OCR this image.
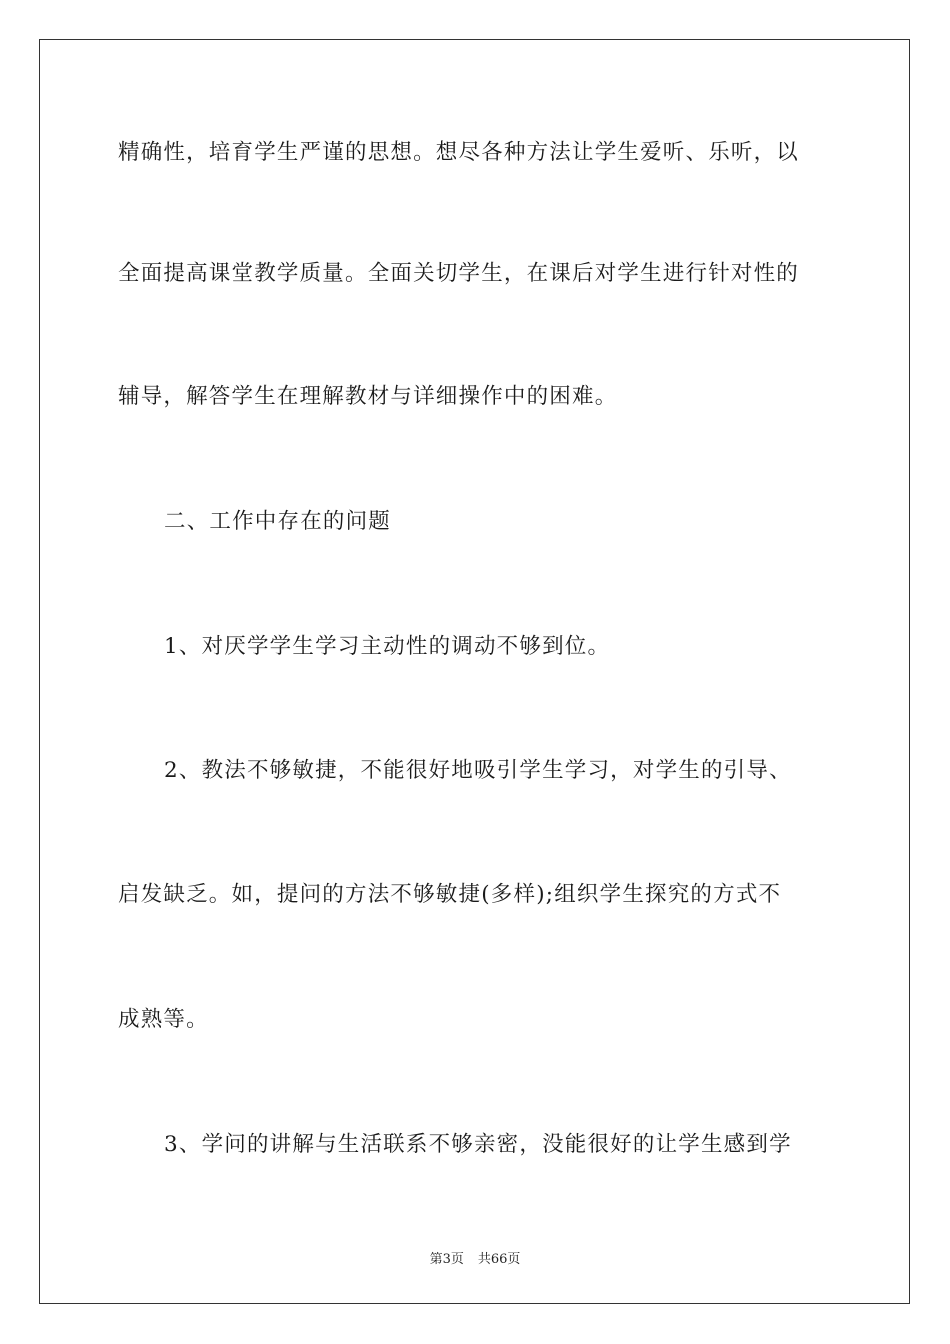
精确性，培育学生严谨的思想。想尽各种方法让学生爱听、乐听，以
全面提高课堂教学质量。全面关切学生，在课后对学生进行针对性的
辅导，解答学生在理解教材与详细操作中的困难。
二、工作中存在的问题
1、对厌学学生学习主动性的调动不够到位。
2、教法不够敏捷，不能很好地吸引学生学习，对学生的引导、
启发缺乏。如，提问的方法不够敏捷(多样);组织学生探究的方式不
成熟等。
3、学问的讲解与生活联系不够亲密，没能很好的让学生感到学
第3页 共66页
